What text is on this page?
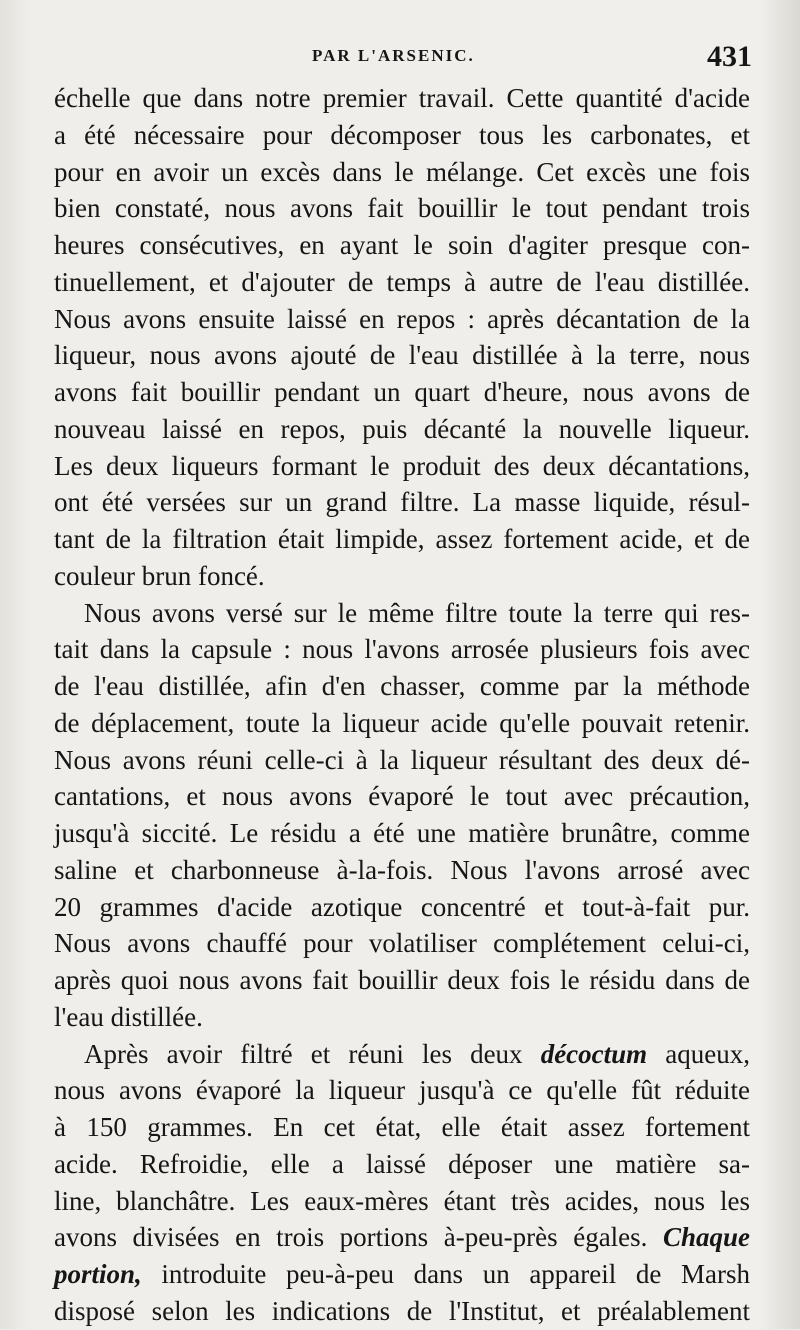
PAR L'ARSENIC.	431
échelle que dans notre premier travail. Cette quantité d'acide
a été nécessaire pour décomposer tous les carbonates, et
pour en avoir un excès dans le mélange. Cet excès une fois
bien constaté, nous avons fait bouillir le tout pendant trois
heures consécutives, en ayant le soin d'agiter presque con-
tinuellement, et d'ajouter de temps à autre de l'eau distillée.
Nous avons ensuite laissé en repos : après décantation de la
liqueur, nous avons ajouté de l'eau distillée à la terre, nous
avons fait bouillir pendant un quart d'heure, nous avons de
nouveau laissé en repos, puis décanté la nouvelle liqueur.
Les deux liqueurs formant le produit des deux décantations,
ont été versées sur un grand filtre. La masse liquide, résul-
tant de la filtration était limpide, assez fortement acide, et de
couleur brun foncé.
Nous avons versé sur le même filtre toute la terre qui res-
tait dans la capsule : nous l'avons arrosée plusieurs fois avec
de l'eau distillée, afin d'en chasser, comme par la méthode
de déplacement, toute la liqueur acide qu'elle pouvait retenir.
Nous avons réuni celle-ci à la liqueur résultant des deux dé-
cantations, et nous avons évaporé le tout avec précaution,
jusqu'à siccité. Le résidu a été une matière brunâtre, comme
saline et charbonneuse à-la-fois. Nous l'avons arrosé avec
20 grammes d'acide azotique concentré et tout-à-fait pur.
Nous avons chauffé pour volatiliser complétement celui-ci,
après quoi nous avons fait bouillir deux fois le résidu dans de
l'eau distillée.
Après avoir filtré et réuni les deux décoctum aqueux,
nous avons évaporé la liqueur jusqu'à ce qu'elle fût réduite
à 150 grammes. En cet état, elle était assez fortement
acide. Refroidie, elle a laissé déposer une matière sa-
line, blanchâtre. Les eaux-mères étant très acides, nous les
avons divisées en trois portions à-peu-près égales. Chaque
portion, introduite peu-à-peu dans un appareil de Marsh
disposé selon les indications de l'Institut, et préalablement
